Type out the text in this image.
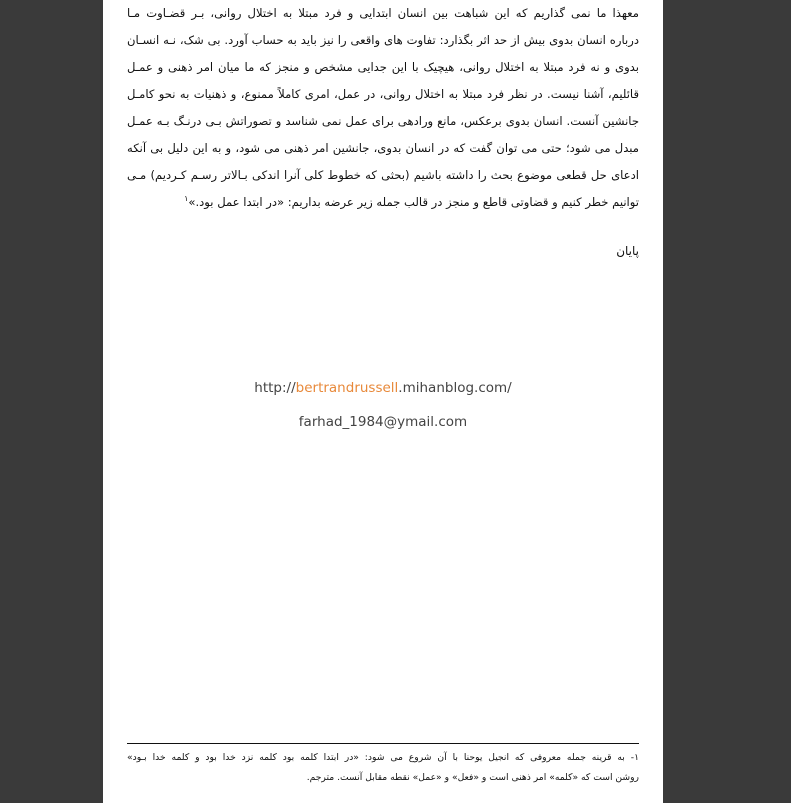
معهذا ما نمی گذاریم که این شباهت بین انسان ابتدایی و فرد مبتلا به اختلال روانی، بـر قضـاوت مـا
درباره انسان بدوی بیش از حد اثر بگذارد: تفاوت های واقعی را نیز باید به حساب آورد. بی شک، نـه انسـان
بدوی و نه فرد مبتلا به اختلال روانی، هیچیک با این جدایی مشخص و منجز که ما میان امر ذهنی و عمـل
قائلیم، آشنا نیست. در نظر فرد مبتلا به اختلال روانی، در عمل، امری کاملاً ممنوع، و ذهنیات به نحو کامـل
جانشین آنست. انسان بدوی برعکس، مانع ورادهی برای عمل نمی شناسد و تصوراتش بـی درنـگ بـه عمـل
مبدل می شود؛ حتی می توان گفت که در انسان بدوی، جانشین امر ذهنی می شود، و به این دلیل بی آنکه
ادعای حل قطعی موضوع بحث را داشته باشیم (بحثی که خطوط کلی آنرا اندکی بـالاتر رسـم کـردیم) مـی
توانیم خطر کنیم و قضاوتی قاطع و منجز در قالب جمله زیر عرضه بداریم: «در ابتدا عمل بود.»$^۱$
پایان
http://bertrandrussell.mihanblog.com/
farhad_1984@ymail.com
۱- به قرینه جمله معروفی که انجیل یوحنا با آن شروع می شود: «در ابتدا کلمه بود کلمه نزد خدا بود و کلمه خدا بـود»
روشن است که «کلمه» امر ذهنی است و «فعل» و «عمل» نقطه مقابل آنست. مترجم.
